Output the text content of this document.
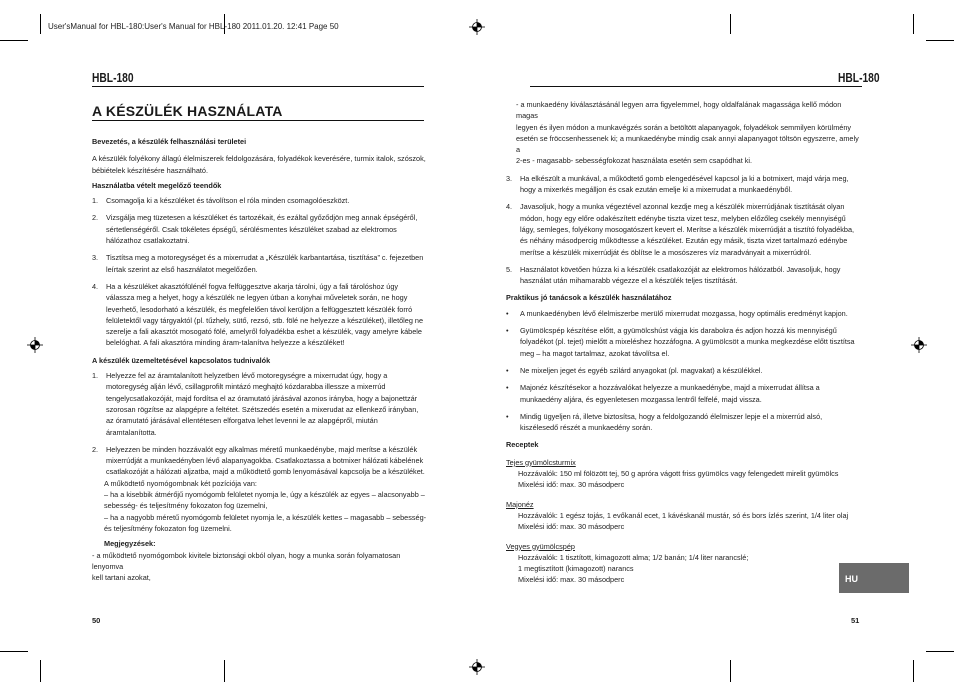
User'sManual for HBL-180:User's Manual for HBL-180 2011.01.20. 12:41 Page 50
HBL-180	HBL-180
A KÉSZÜLÉK HASZNÁLATA

Bevezetés, a készülék felhasználási területei

A készülék folyékony állagú élelmiszerek feldolgozására, folyadékok keverésére, turmix italok, szószok, bébiételek készítésére használható.

Használatba vételt megelőző teendők

1. Csomagolja ki a készüléket és távolítson el róla minden csomagolóeszközt.
2. Vizsgálja meg tüzetesen a készüléket és tartozékait, és ezáltal győződjön meg annak épségéről, sértetlenségéről. Csak tökéletes épségű, sérülésmentes készüléket szabad az elektromos hálózathoz csatlakoztatni.
3. Tisztítsa meg a motoregységet és a mixerrudat a „Készülék karbantartása, tisztítása” c. fejezetben leírtak szerint az első használatot megelőzően.
4. Ha a készüléket akasztófülénél fogva felfüggesztve akarja tárolni, úgy a fali tárolóshoz úgy válassza meg a helyet, hogy a készülék ne legyen útban a konyhai műveletek során, ne hogy leverhető, lesodorható a készülék, és megfelelően távol kerüljön a felfüggesztett készülék forró felületektől vagy tárgyaktól (pl. tűzhely, sütő, rezsó, stb. fölé ne helyezze a készüléket), illetőleg ne szerelje a fali akasztót mosogató fölé, amelyről folyadékba eshet a készülék, vagy amelyre kábele belelóghat. A fali akasztóra minding áram-talanítva helyezze a készüléket!

A készülék üzemeltetésével kapcsolatos tudnivalók

1. Helyezze fel az áramtalanított helyzetben lévő motoregységre a mixerrudat úgy, hogy a motoregység alján lévő, csillagprofilt mintázó meghajtó kózdarabba illessze a mixerrúd tengelycsatlakozóját, majd fordítsa el az óramutató járásával azonos irányba, hogy a bajonettzár szorosan rögzítse az alapgépre a feltétet. Szétszedés esetén a mixerudat az ellenkező irányban, az óramutató járásával ellentétesen elforgatva lehet levenni le az alapgépről, miután áramtalanította.
2. Helyezzen be minden hozzávalót egy alkalmas méretű munkaedénybe, majd merítse a készülék mixerrúdját a munkaedényben lévő alapanyagokba. Csatlakoztassa a botmixer hálózati kábelének csatlakozóját a hálózati aljzatba, majd a működtető gomb lenyomásával kapcsolja be a készüléket.

A működtető nyomógombnak két pozíciója van:

– ha a kisebbik átmérőjű nyomógomb felületet nyomja le, úgy a készülék az egyes – alacsonyabb –

sebesség- és teljesítmény fokozaton fog üzemelni,

– ha a nagyobb méretű nyomógomb felületet nyomja le, a készülék kettes – magasabb – sebesség-

és teljesítmény fokozaton fog üzemelni.

Megjegyzések:

- a működtető nyomógombok kivitele biztonsági okból olyan, hogy a munka során folyamatosan lenyomva

kell tartani azokat,

- a munkaedény kiválasztásánál legyen arra figyelemmel, hogy oldalfalának magassága kellő módon magas

legyen és ilyen módon a munkavégzés során a betöltött alapanyagok, folyadékok semmilyen körülmény

esetén se fröccsenhessenek ki; a munkaedénybe mindig csak annyi alapanyagot töltsön egyszerre, amely a

2-es - magasabb- sebességfokozat használata esetén sem csapódhat ki.

3. Ha elkészült a munkával, a működtető gomb elengedésével kapcsol ja ki a botmixert, majd várja meg, hogy a mixerkés megálljon és csak ezután emelje ki a mixerrudat a munkaedényből.
4. Javasoljuk, hogy a munka végeztével azonnal kezdje meg a készülék mixerrúdjának tisztítását olyan módon, hogy egy előre odakészített edénybe tiszta vizet tesz, melyben előzőleg csekély mennyiségű lágy, semleges, folyékony mosogatószert kevert el. Merítse a készülék mixerrúdját a tisztító folyadékba, és néhány másodpercig működtesse a készüléket. Ezután egy másik, tiszta vizet tartalmazó edénybe merítse a készülék mixerrúdját és öblítse le a mosószeres víz maradványait a mixerrúdról.
5. Használatot követően húzza ki a készülék csatlakozóját az elektromos hálózatból. Javasoljuk, hogy használat után mihamarabb végezze el a készülék teljes tisztítását.

Praktikus jó tanácsok a készülék használatához

• A munkaedényben lévő élelmiszerbe merülő mixerrudat mozgassa, hogy optimális eredményt kapjon.
• Gyümölcspép készítése előtt, a gyümölcshúst vágja kis darabokra és adjon hozzá kis mennyiségű folyadékot (pl. tejet) mielőtt a mixeléshez hozzáfogna. A gyümölcsöt a munka megkezdése előtt tisztítsa meg – ha magot tartalmaz, azokat távolítsa el.
• Ne mixeljen jeget és egyéb szilárd anyagokat (pl. magvakat) a készülékkel.
• Majonéz készítésekor a hozzávalókat helyezze a munkaedénybe, majd a mixerrudat állítsa a munkaedény aljára, és egyenletesen mozgassa lentről felfelé, majd vissza.
• Mindig ügyeljen rá, illetve biztosítsa, hogy a feldolgozandó élelmiszer lepje el a mixerrúd alsó, kiszélesedő részét a munkaedény során.

Receptek

Tejes gyümölcsturmix

Hozzávalók: 150 ml fölözött tej, 50 g apróra vágott friss gyümölcs vagy felengedett mirelit gyümölcs

Mixelési idő: max. 30 másodperc

Majonéz

Hozzávalók: 1 egész tojás, 1 evőkanál ecet, 1 kávéskanál mustár, só és bors ízlés szerint, 1/4 liter olaj

Mixelési idő: max. 30 másodperc

Vegyes gyümölcspép

Hozzávalók: 1 tisztított, kimagozott alma; 1/2 banán; 1/4 liter narancslé;

1 megtisztított (kimagozott) narancs

Mixelési idő: max. 30 másodperc	HU
50	51
